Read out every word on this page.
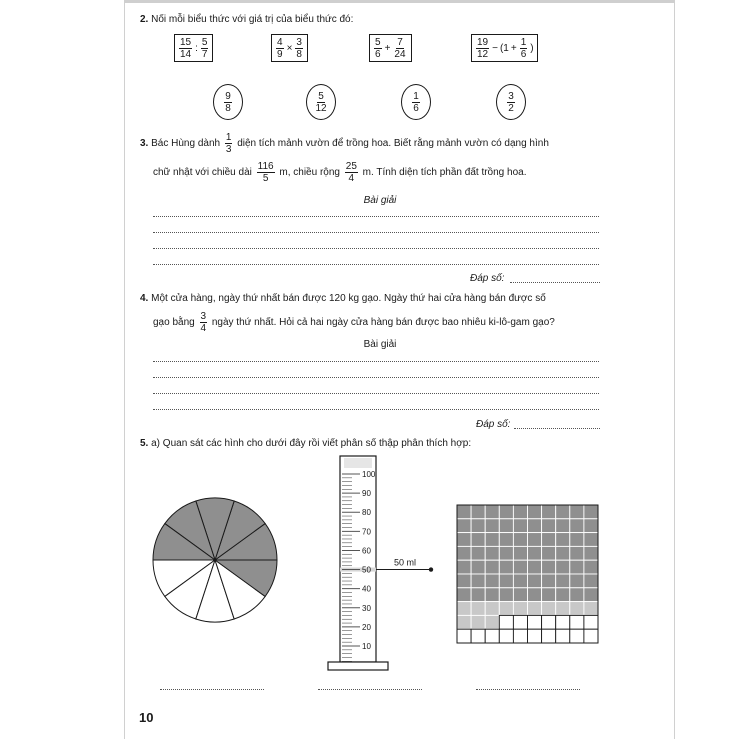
2. Nối mỗi biểu thức với giá trị của biểu thức đó:
$\frac{15}{14}$ : $\frac{5}{7}$	$\frac{4}{9} \times \frac{3}{8}$	$\frac{5}{6} + \frac{7}{24}$	$\frac{19}{12} - (1 + \frac{1}{6}$ )
$\frac{9}{8}$	$\frac{5}{12}$	$\frac{1}{6}$	$\frac{3}{2}$
3. Bác Hùng dành $\frac{1}{3}$ diện tích mảnh vườn để trồng hoa. Biết rằng mảnh vườn có dạng hình
chữ nhật với chiều dài $\frac{116}{5} m$, chiều rộng $\frac{25}{4} m$. Tính diện tích phần đất trồng hoa.
Bài giải
Đáp số:
4. Một cửa hàng, ngày thứ nhất bán được 120 kg gạo. Ngày thứ hai cửa hàng bán được số
gạo bằng $\frac{3}{4}$ ngày thứ nhất. Hỏi cả hai ngày cửa hàng bán được bao nhiêu ki-lô-gam gạo?
Bài giải
Đáp số:
5. a) Quan sát các hình cho dưới đây rồi viết phân số thập phân thích hợp:
100
90
80
70
60
50
40
30
20
10
50 ml
10
